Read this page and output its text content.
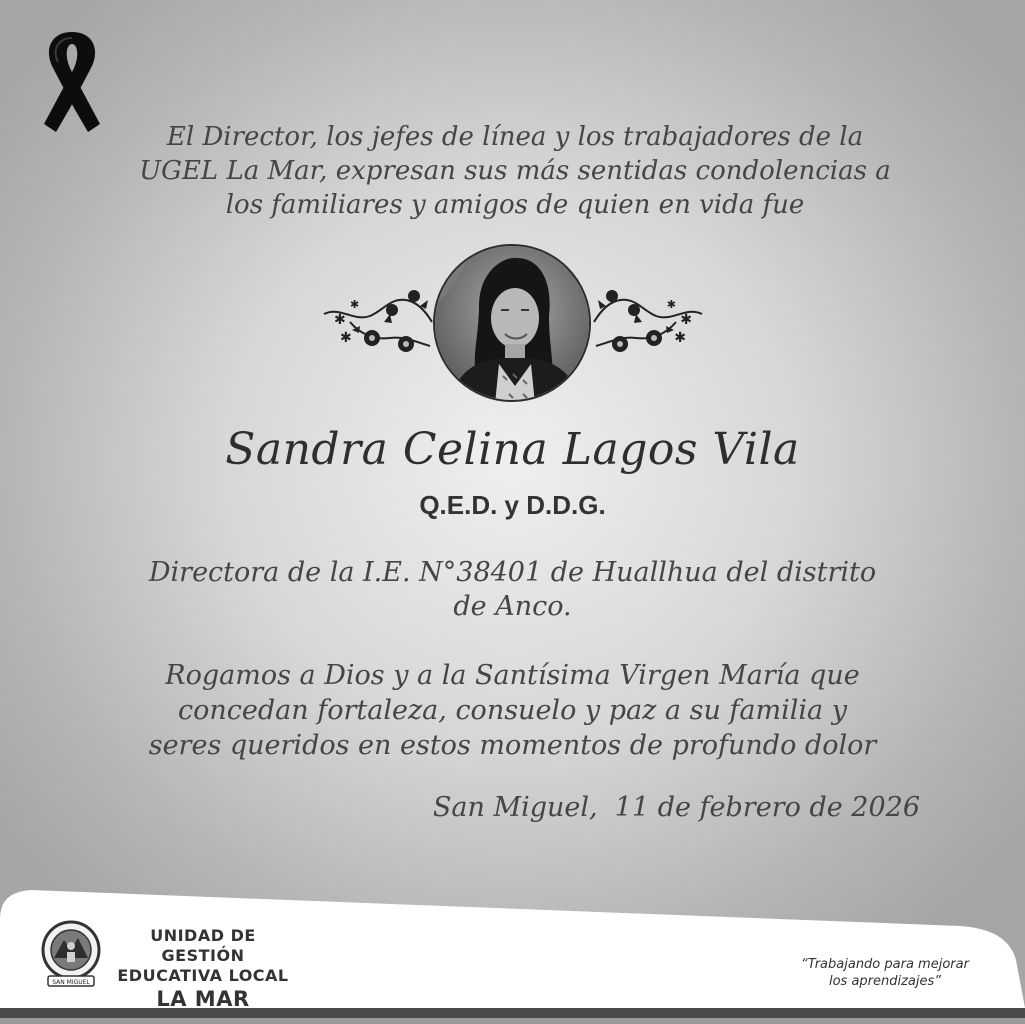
El Director, los jefes de línea y los trabajadores de la
UGEL La Mar, expresan sus más sentidas condolencias a
los familiares y amigos de quien en vida fue
✱
✱
✱
✱
✱
✱
Sandra Celina Lagos Vila
Q.E.D. y D.D.G.
Directora de la I.E. N°38401 de Huallhua del distrito
de Anco.
Rogamos a Dios y a la Santísima Virgen María que
concedan fortaleza, consuelo y paz a su familia y
seres queridos en estos momentos de profundo dolor
San Miguel,  11 de febrero de 2026
SAN MIGUEL
UNIDAD DE GESTIÓN
EDUCATIVA LOCAL
LA MAR
“Trabajando para mejorar
los aprendizajes”
